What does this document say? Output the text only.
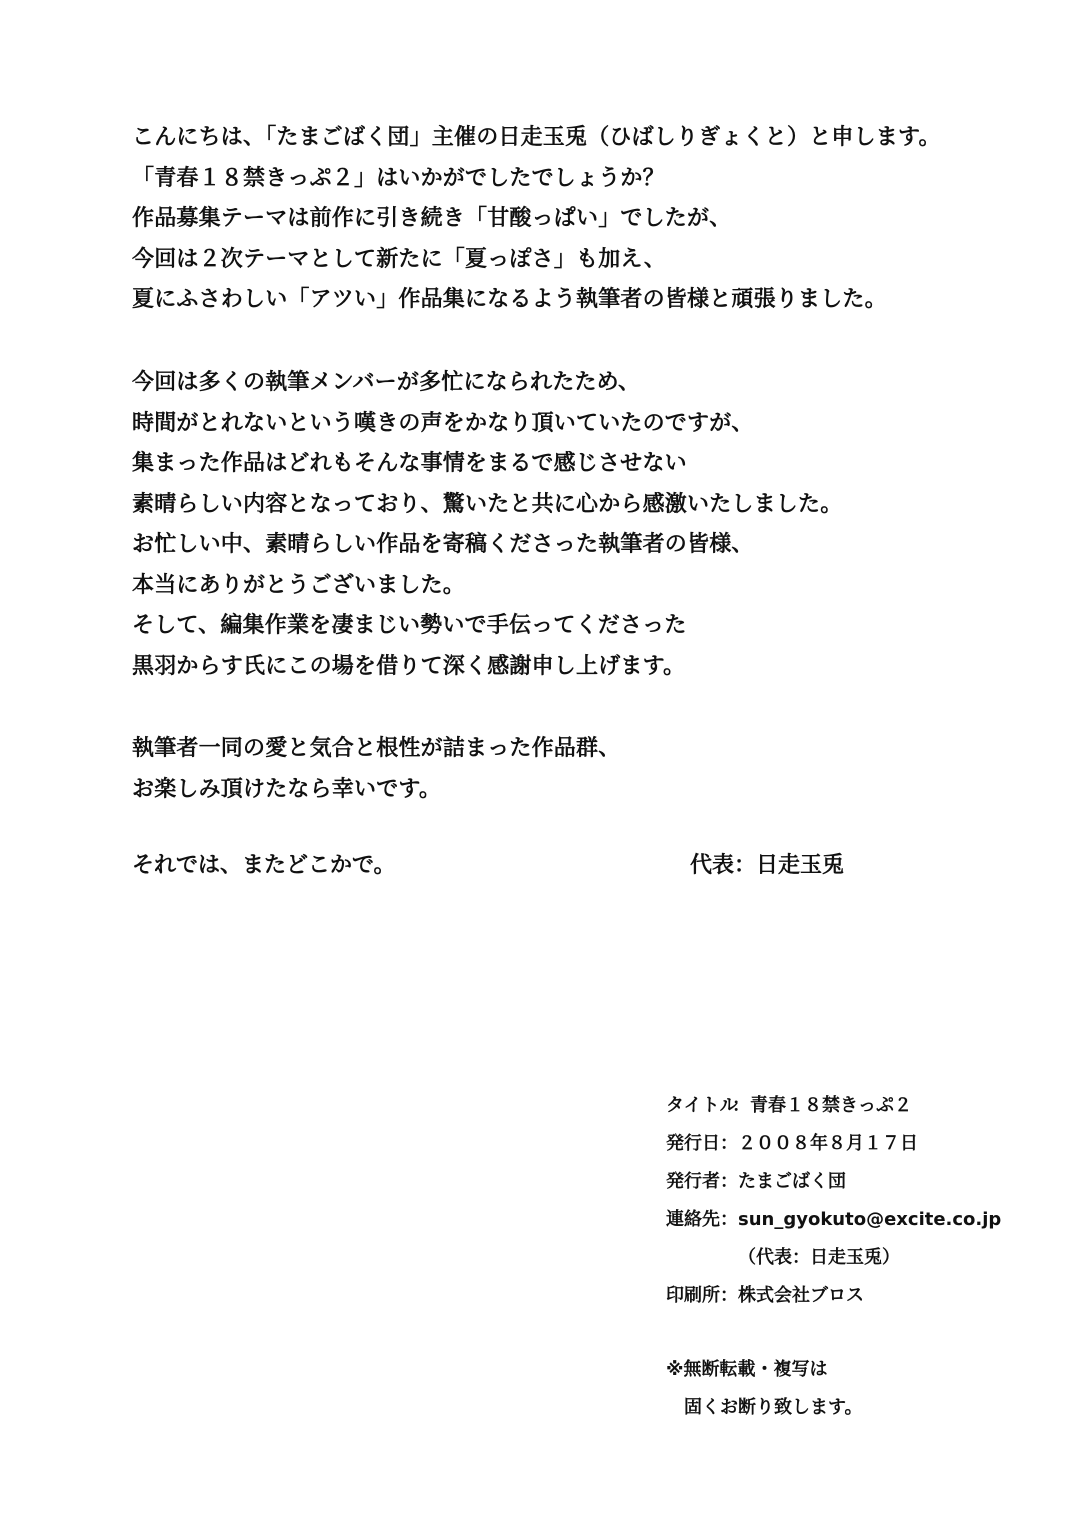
こんにちは、「たまごばく団」主催の日走玉兎（ひばしりぎょくと）と申します。
「青春１８禁きっぷ２」はいかがでしたでしょうか？
作品募集テーマは前作に引き続き「甘酸っぱい」でしたが、
今回は２次テーマとして新たに「夏っぽさ」も加え、
夏にふさわしい「アツい」作品集になるよう執筆者の皆様と頑張りました。
今回は多くの執筆メンバーが多忙になられたため、
時間がとれないという嘆きの声をかなり頂いていたのですが、
集まった作品はどれもそんな事情をまるで感じさせない
素晴らしい内容となっており、驚いたと共に心から感激いたしました。
お忙しい中、素晴らしい作品を寄稿くださった執筆者の皆様、
本当にありがとうございました。
そして、編集作業を凄まじい勢いで手伝ってくださった
黒羽からす氏にこの場を借りて深く感謝申し上げます。
執筆者一同の愛と気合と根性が詰まった作品群、
お楽しみ頂けたなら幸いです。
それでは、またどこかで。	代表：日走玉兎
タイトル：青春１８禁きっぷ２
発行日：２００８年８月１７日
発行者：たまごばく団
連絡先：sun_gyokuto@excite.co.jp
（代表：日走玉兎）
印刷所：株式会社ブロス
※無断転載・複写は
固くお断り致します。
